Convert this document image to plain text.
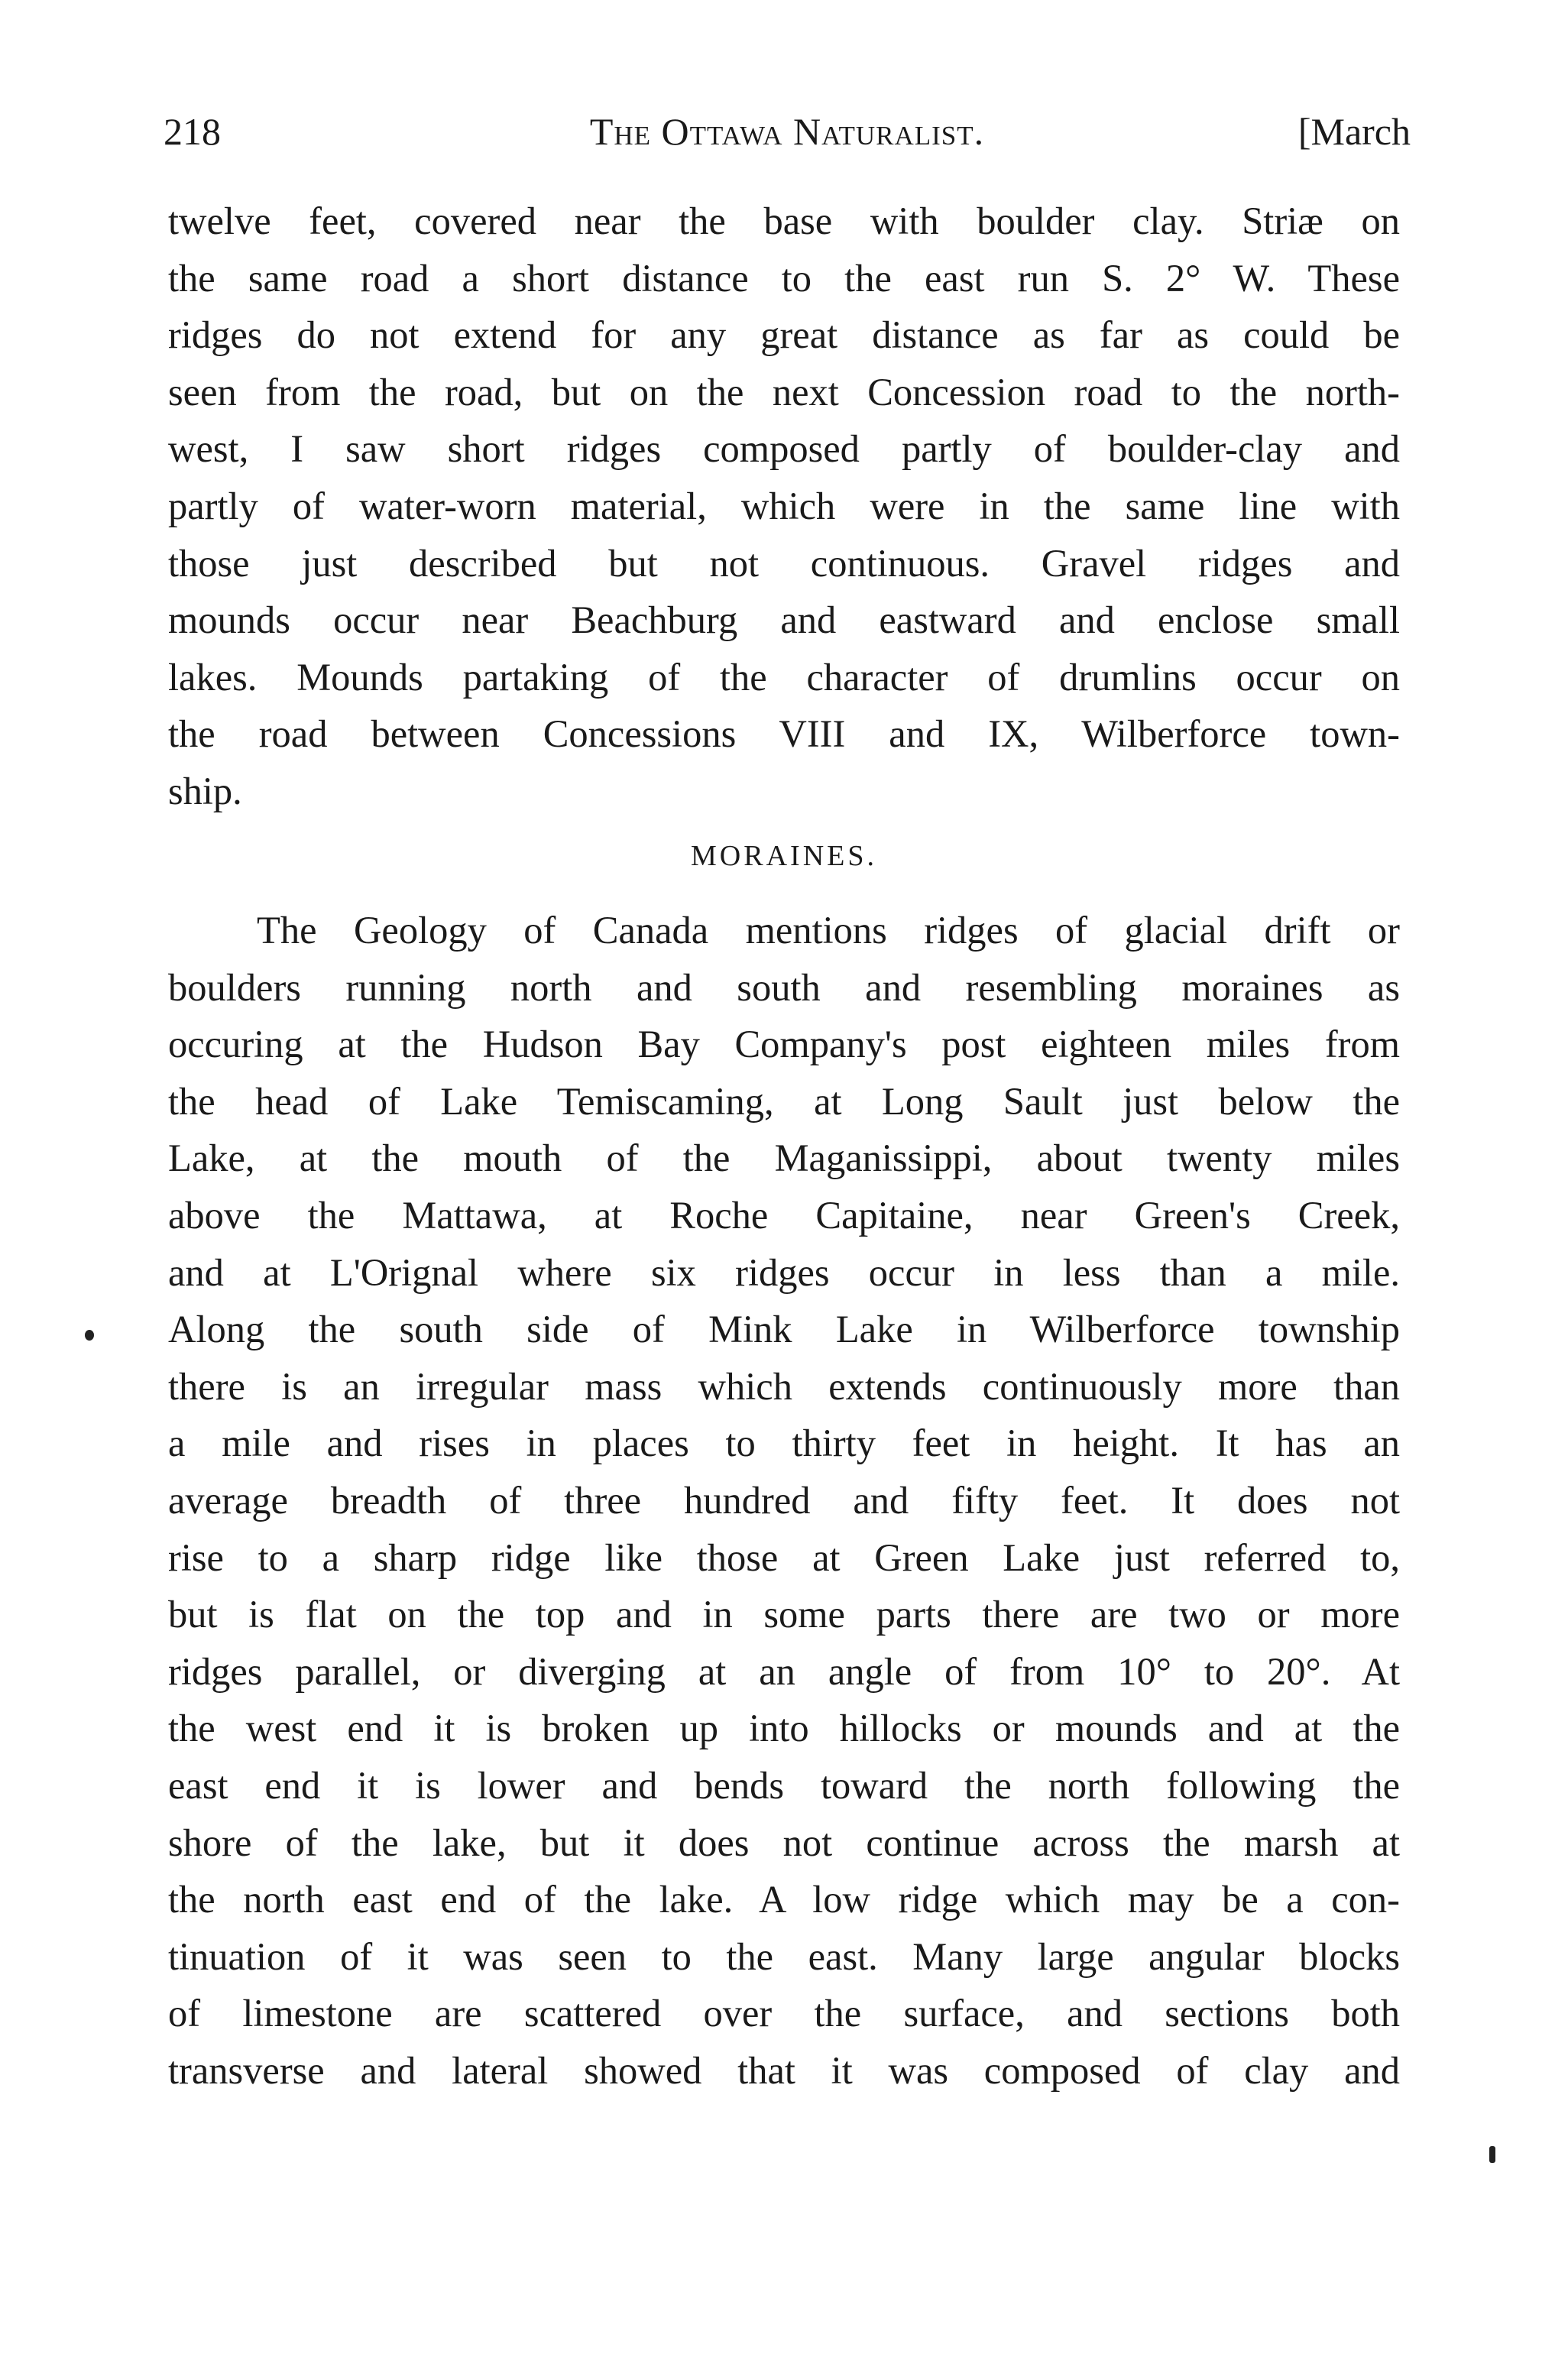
218	The Ottawa Naturalist.	[March
twelve feet, covered near the base with boulder clay. Striæ on
the same road a short distance to the east run S. 2° W. These
ridges do not extend for any great distance as far as could be
seen from the road, but on the next Concession road to the north-
west, I saw short ridges composed partly of boulder-clay and
partly of water-worn material, which were in the same line with
those just described but not continuous. Gravel ridges and
mounds occur near Beachburg and eastward and enclose small
lakes. Mounds partaking of the character of drumlins occur on
the road between Concessions VIII and IX, Wilberforce town-
ship.
MORAINES.
The Geology of Canada mentions ridges of glacial drift or
boulders running north and south and resembling moraines as
occuring at the Hudson Bay Company's post eighteen miles from
the head of Lake Temiscaming, at Long Sault just below the
Lake, at the mouth of the Maganissippi, about twenty miles
above the Mattawa, at Roche Capitaine, near Green's Creek,
and at L'Orignal where six ridges occur in less than a mile.
Along the south side of Mink Lake in Wilberforce township
there is an irregular mass which extends continuously more than
a mile and rises in places to thirty feet in height. It has an
average breadth of three hundred and fifty feet. It does not
rise to a sharp ridge like those at Green Lake just referred to,
but is flat on the top and in some parts there are two or more
ridges parallel, or diverging at an angle of from 10° to 20°. At
the west end it is broken up into hillocks or mounds and at the
east end it is lower and bends toward the north following the
shore of the lake, but it does not continue across the marsh at
the north east end of the lake. A low ridge which may be a con-
tinuation of it was seen to the east. Many large angular blocks
of limestone are scattered over the surface, and sections both
transverse and lateral showed that it was composed of clay and
